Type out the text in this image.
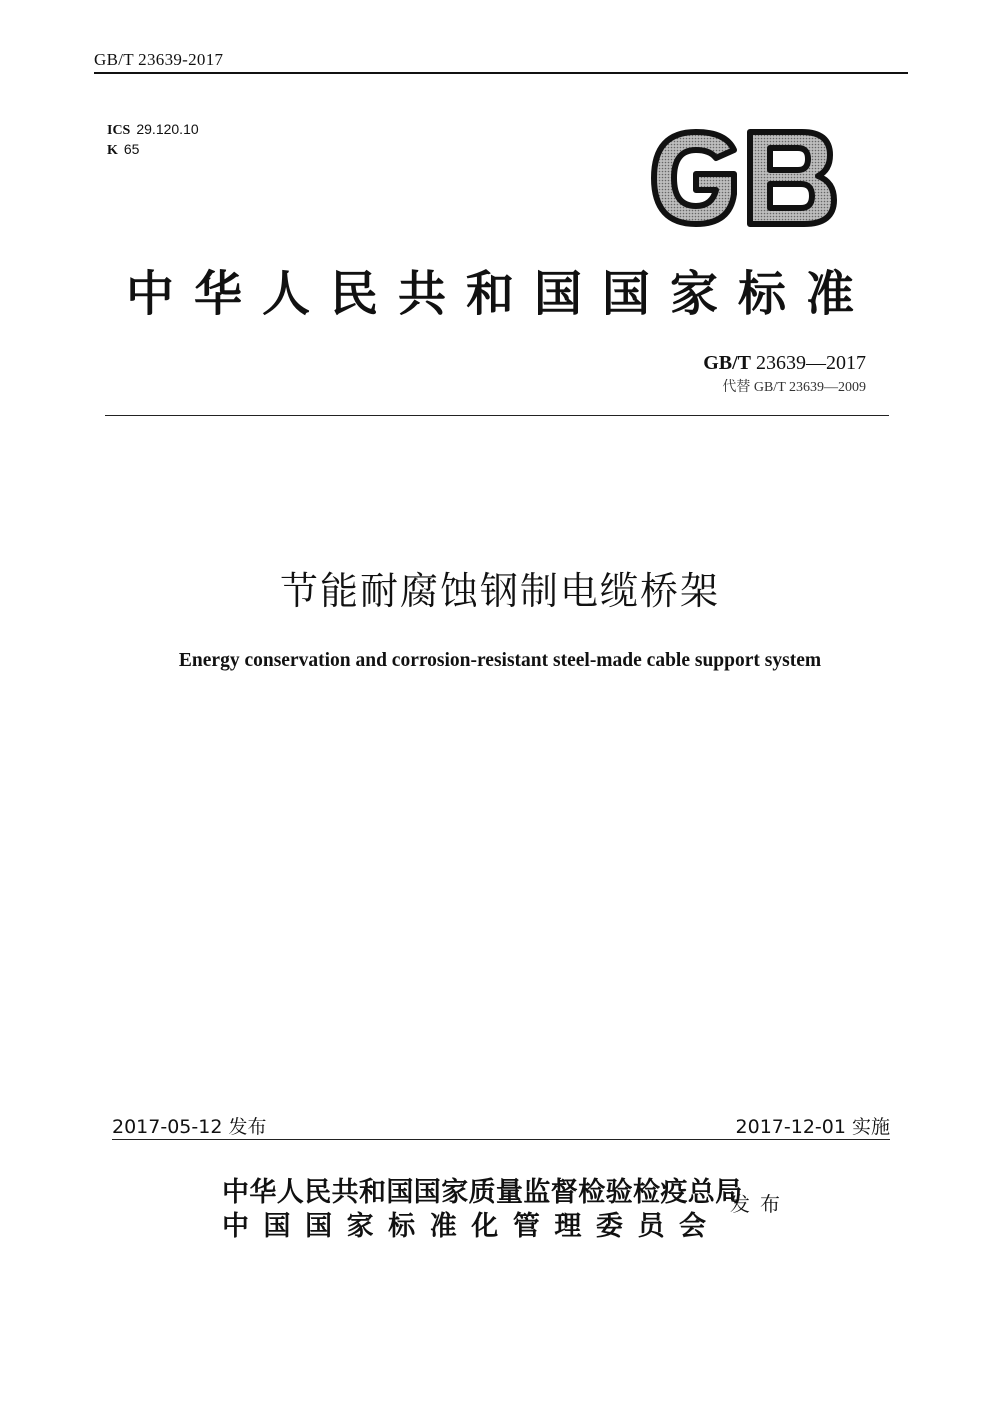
GB/T 23639-2017
ICS 29.120.10
K 65
中华人民共和国国家标准
GB/T 23639—2017
代替 GB/T 23639—2009
节能耐腐蚀钢制电缆桥架
Energy conservation and corrosion-resistant steel-made cable support system
2017-05-12 发布	2017-12-01 实施
中华人民共和国国家质量监督检验检疫总局
中国国家标准化管理委员会
发布
